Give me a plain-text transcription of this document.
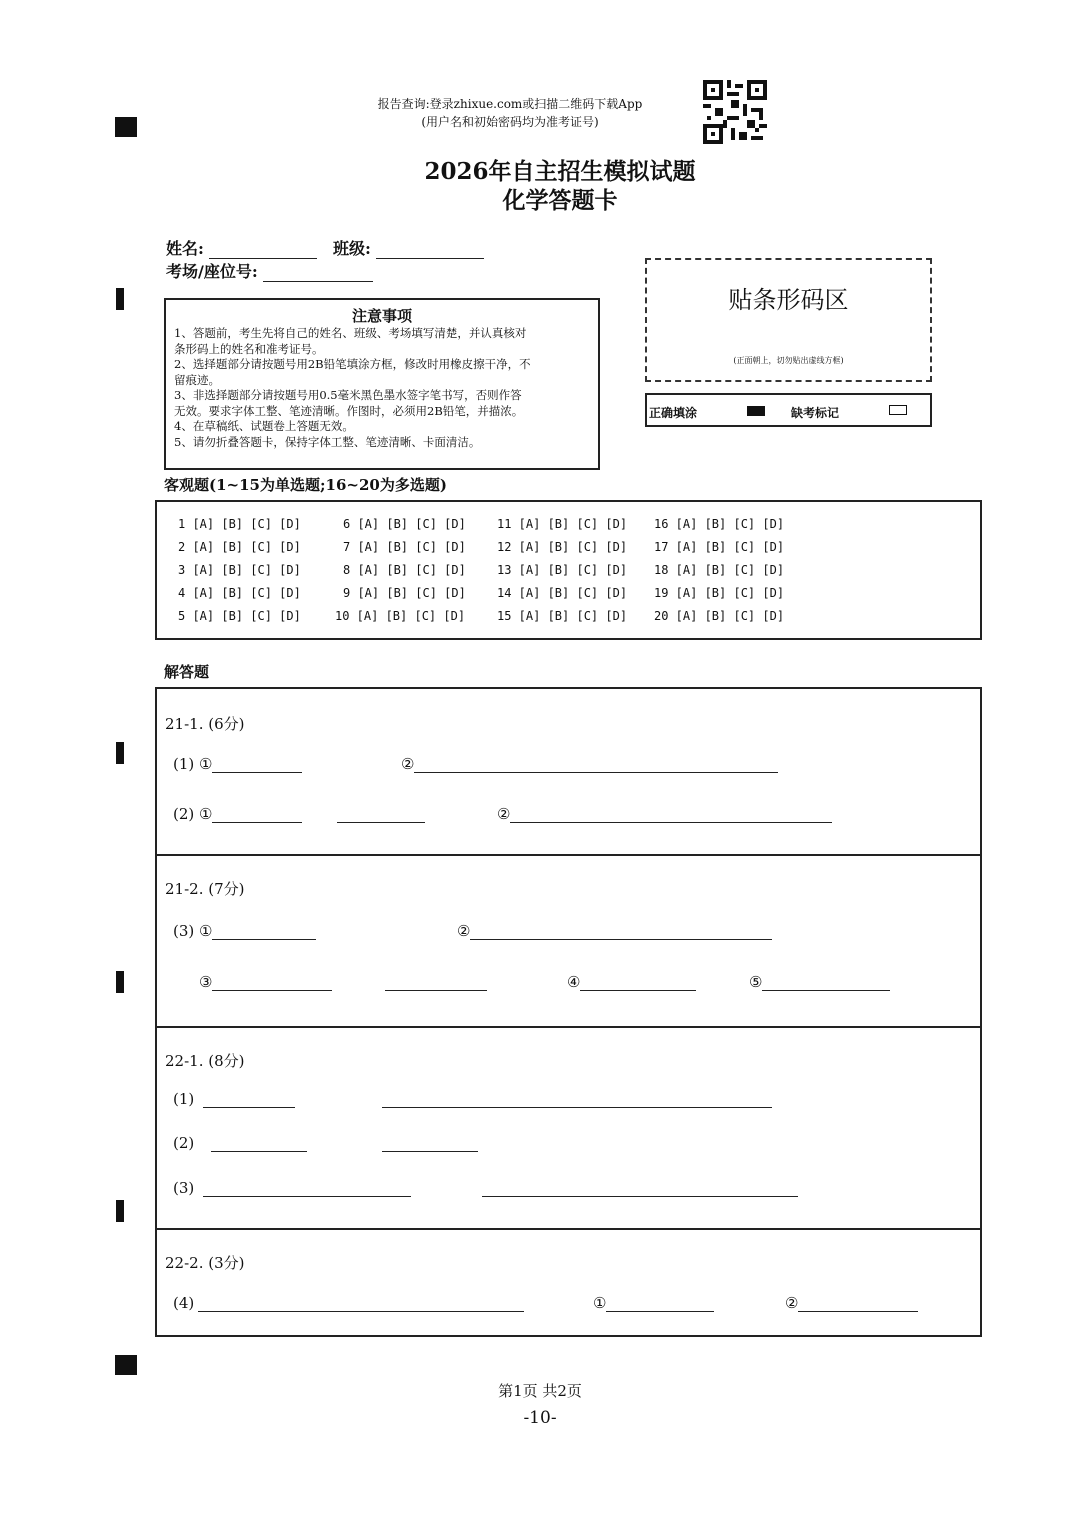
报告查询:登录zhixue.com或扫描二维码下载App
(用户名和初始密码均为准考证号)
2026年自主招生模拟试题
化学答题卡
姓名:	班级:
考场/座位号:
注意事项
1、答题前，考生先将自己的姓名、班级、考场填写清楚，并认真核对
条形码上的姓名和准考证号。
2、选择题部分请按题号用2B铅笔填涂方框，修改时用橡皮擦干净，不
留痕迹。
3、非选择题部分请按题号用0.5毫米黑色墨水签字笔书写，否则作答
无效。要求字体工整、笔迹清晰。作图时，必须用2B铅笔，并描浓。
4、在草稿纸、试题卷上答题无效。
5、请勿折叠答题卡，保持字体工整、笔迹清晰、卡面清洁。
贴条形码区
(正面朝上，切勿贴出虚线方框)
正确填涂	缺考标记
客观题(1~15为单选题;16~20为多选题)
1 [A] [B] [C] [D]
2 [A] [B] [C] [D]
3 [A] [B] [C] [D]
4 [A] [B] [C] [D]
5 [A] [B] [C] [D]
6 [A] [B] [C] [D]
7 [A] [B] [C] [D]
8 [A] [B] [C] [D]
9 [A] [B] [C] [D]
10 [A] [B] [C] [D]
11 [A] [B] [C] [D]
12 [A] [B] [C] [D]
13 [A] [B] [C] [D]
14 [A] [B] [C] [D]
15 [A] [B] [C] [D]
16 [A] [B] [C] [D]
17 [A] [B] [C] [D]
18 [A] [B] [C] [D]
19 [A] [B] [C] [D]
20 [A] [B] [C] [D]
解答题
21-1. (6分)
(1) ①	②
(2) ①	②
21-2. (7分)
(3) ①	②
③	④	⑤
22-1. (8分)
(1)
(2)
(3)
22-2. (3分)
(4)	①	②
第1页 共2页
-10-
